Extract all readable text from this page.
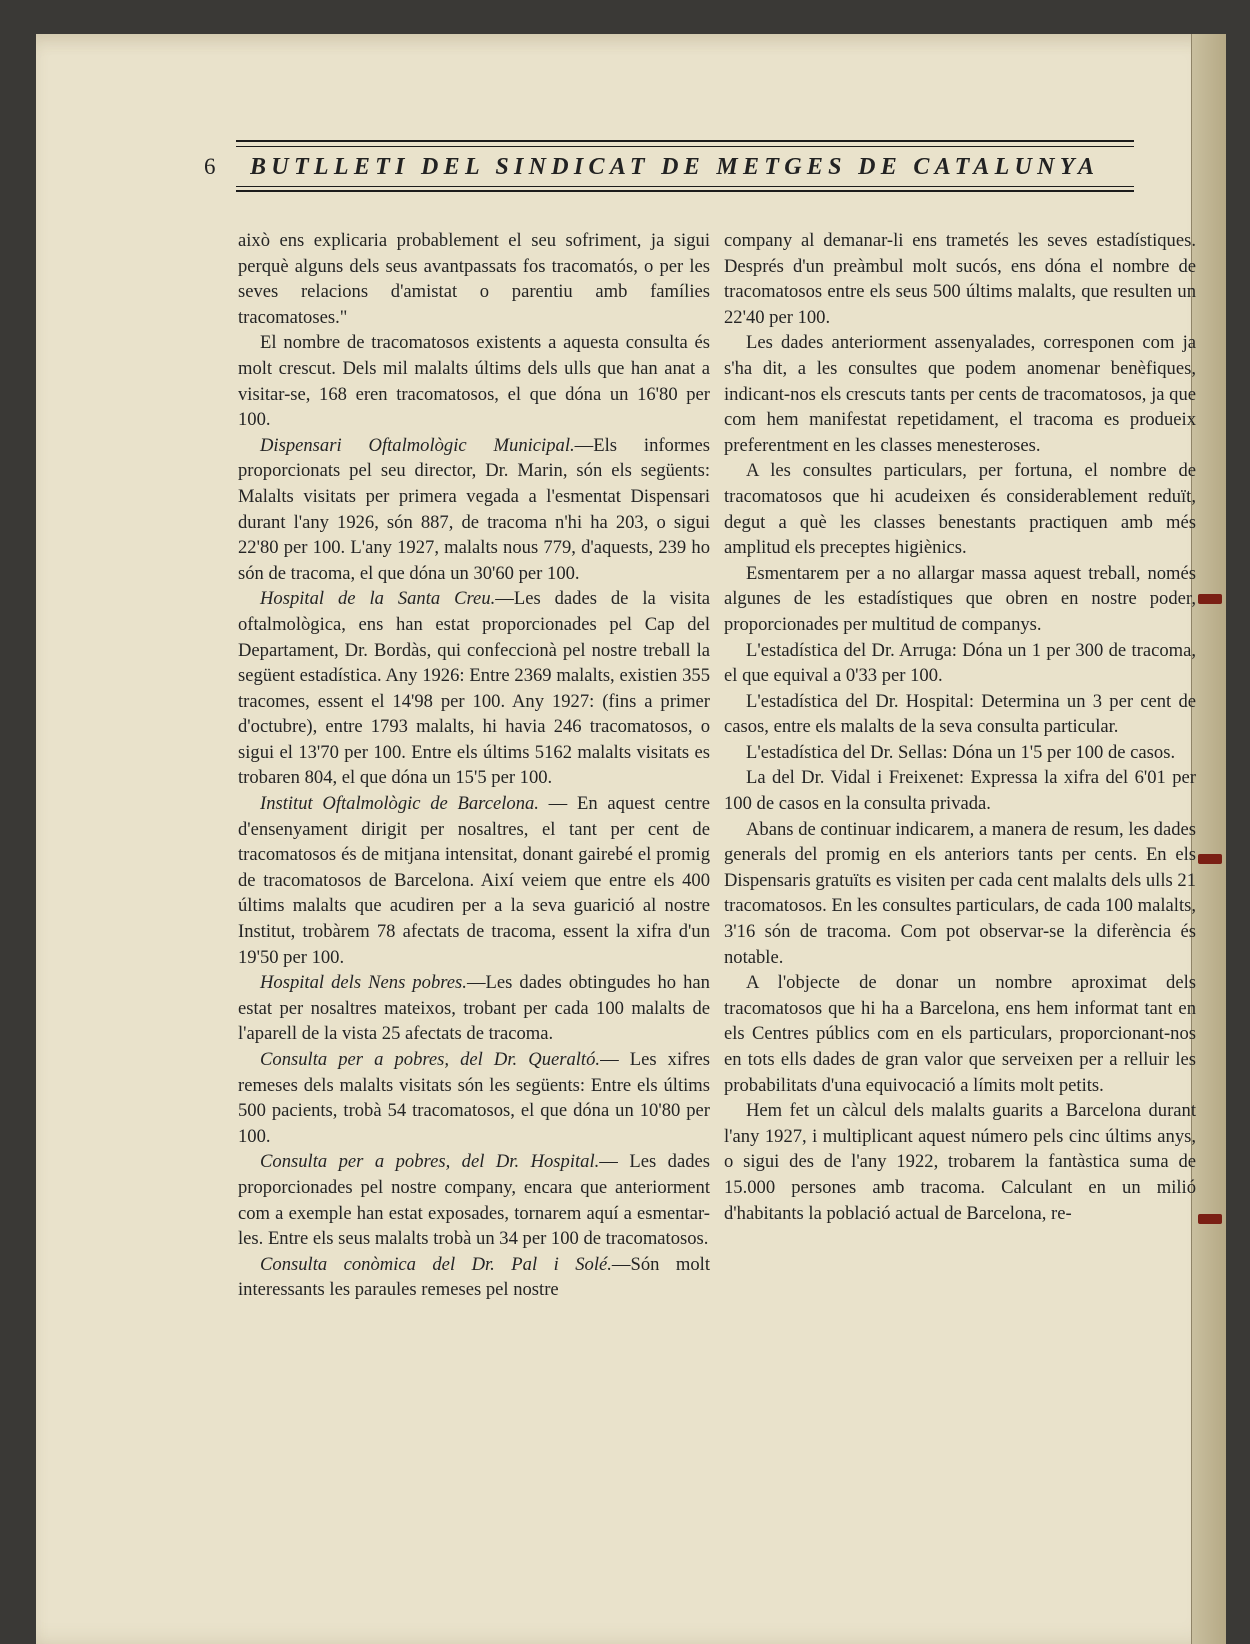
6	BUTLLETI DEL SINDICAT DE METGES DE CATALUNYA

això ens explicaria probablement el seu sofriment, ja sigui perquè alguns dels seus avantpassats fos tracomatós, o per les seves relacions d'amistat o parentiu amb famílies tracomatoses."

El nombre de tracomatosos existents a aquesta consulta és molt crescut. Dels mil malalts últims dels ulls que han anat a visitar-se, 168 eren tracomatosos, el que dóna un 16'80 per 100.

Dispensari Oftalmològic Municipal.—Els informes proporcionats pel seu director, Dr. Marin, són els següents: Malalts visitats per primera vegada a l'esmentat Dispensari durant l'any 1926, són 887, de tracoma n'hi ha 203, o sigui 22'80 per 100. L'any 1927, malalts nous 779, d'aquests, 239 ho són de tracoma, el que dóna un 30'60 per 100.

Hospital de la Santa Creu.—Les dades de la visita oftalmològica, ens han estat proporcionades pel Cap del Departament, Dr. Bordàs, qui confeccionà pel nostre treball la següent estadística. Any 1926: Entre 2369 malalts, existien 355 tracomes, essent el 14'98 per 100. Any 1927: (fins a primer d'octubre), entre 1793 malalts, hi havia 246 tracomatosos, o sigui el 13'70 per 100. Entre els últims 5162 malalts visitats es trobaren 804, el que dóna un 15'5 per 100.

Institut Oftalmològic de Barcelona. — En aquest centre d'ensenyament dirigit per nosaltres, el tant per cent de tracomatosos és de mitjana intensitat, donant gairebé el promig de tracomatosos de Barcelona. Així veiem que entre els 400 últims malalts que acudiren per a la seva guarició al nostre Institut, trobàrem 78 afectats de tracoma, essent la xifra d'un 19'50 per 100.

Hospital dels Nens pobres.—Les dades obtingudes ho han estat per nosaltres mateixos, trobant per cada 100 malalts de l'aparell de la vista 25 afectats de tracoma.

Consulta per a pobres, del Dr. Queraltó.— Les xifres remeses dels malalts visitats són les següents: Entre els últims 500 pacients, trobà 54 tracomatosos, el que dóna un 10'80 per 100.

Consulta per a pobres, del Dr. Hospital.— Les dades proporcionades pel nostre company, encara que anteriorment com a exemple han estat exposades, tornarem aquí a esmentar-les. Entre els seus malalts trobà un 34 per 100 de tracomatosos.

Consulta conòmica del Dr. Pal i Solé.—Són molt interessants les paraules remeses pel nostre

company al demanar-li ens trametés les seves estadístiques. Després d'un preàmbul molt sucós, ens dóna el nombre de tracomatosos entre els seus 500 últims malalts, que resulten un 22'40 per 100.

Les dades anteriorment assenyalades, corresponen com ja s'ha dit, a les consultes que podem anomenar benèfiques, indicant-nos els crescuts tants per cents de tracomatosos, ja que com hem manifestat repetidament, el tracoma es produeix preferentment en les classes menesteroses.

A les consultes particulars, per fortuna, el nombre de tracomatosos que hi acudeixen és considerablement reduït, degut a què les classes benestants practiquen amb més amplitud els preceptes higiènics.

Esmentarem per a no allargar massa aquest treball, només algunes de les estadístiques que obren en nostre poder, proporcionades per multitud de companys.

L'estadística del Dr. Arruga: Dóna un 1 per 300 de tracoma, el que equival a 0'33 per 100.

L'estadística del Dr. Hospital: Determina un 3 per cent de casos, entre els malalts de la seva consulta particular.

L'estadística del Dr. Sellas: Dóna un 1'5 per 100 de casos.

La del Dr. Vidal i Freixenet: Expressa la xifra del 6'01 per 100 de casos en la consulta privada.

Abans de continuar indicarem, a manera de resum, les dades generals del promig en els anteriors tants per cents. En els Dispensaris gratuïts es visiten per cada cent malalts dels ulls 21 tracomatosos. En les consultes particulars, de cada 100 malalts, 3'16 són de tracoma. Com pot observar-se la diferència és notable.

A l'objecte de donar un nombre aproximat dels tracomatosos que hi ha a Barcelona, ens hem informat tant en els Centres públics com en els particulars, proporcionant-nos en tots ells dades de gran valor que serveixen per a relluir les probabilitats d'una equivocació a límits molt petits.

Hem fet un càlcul dels malalts guarits a Barcelona durant l'any 1927, i multiplicant aquest número pels cinc últims anys, o sigui des de l'any 1922, trobarem la fantàstica suma de 15.000 persones amb tracoma. Calculant en un milió d'habitants la població actual de Barcelona, re-
